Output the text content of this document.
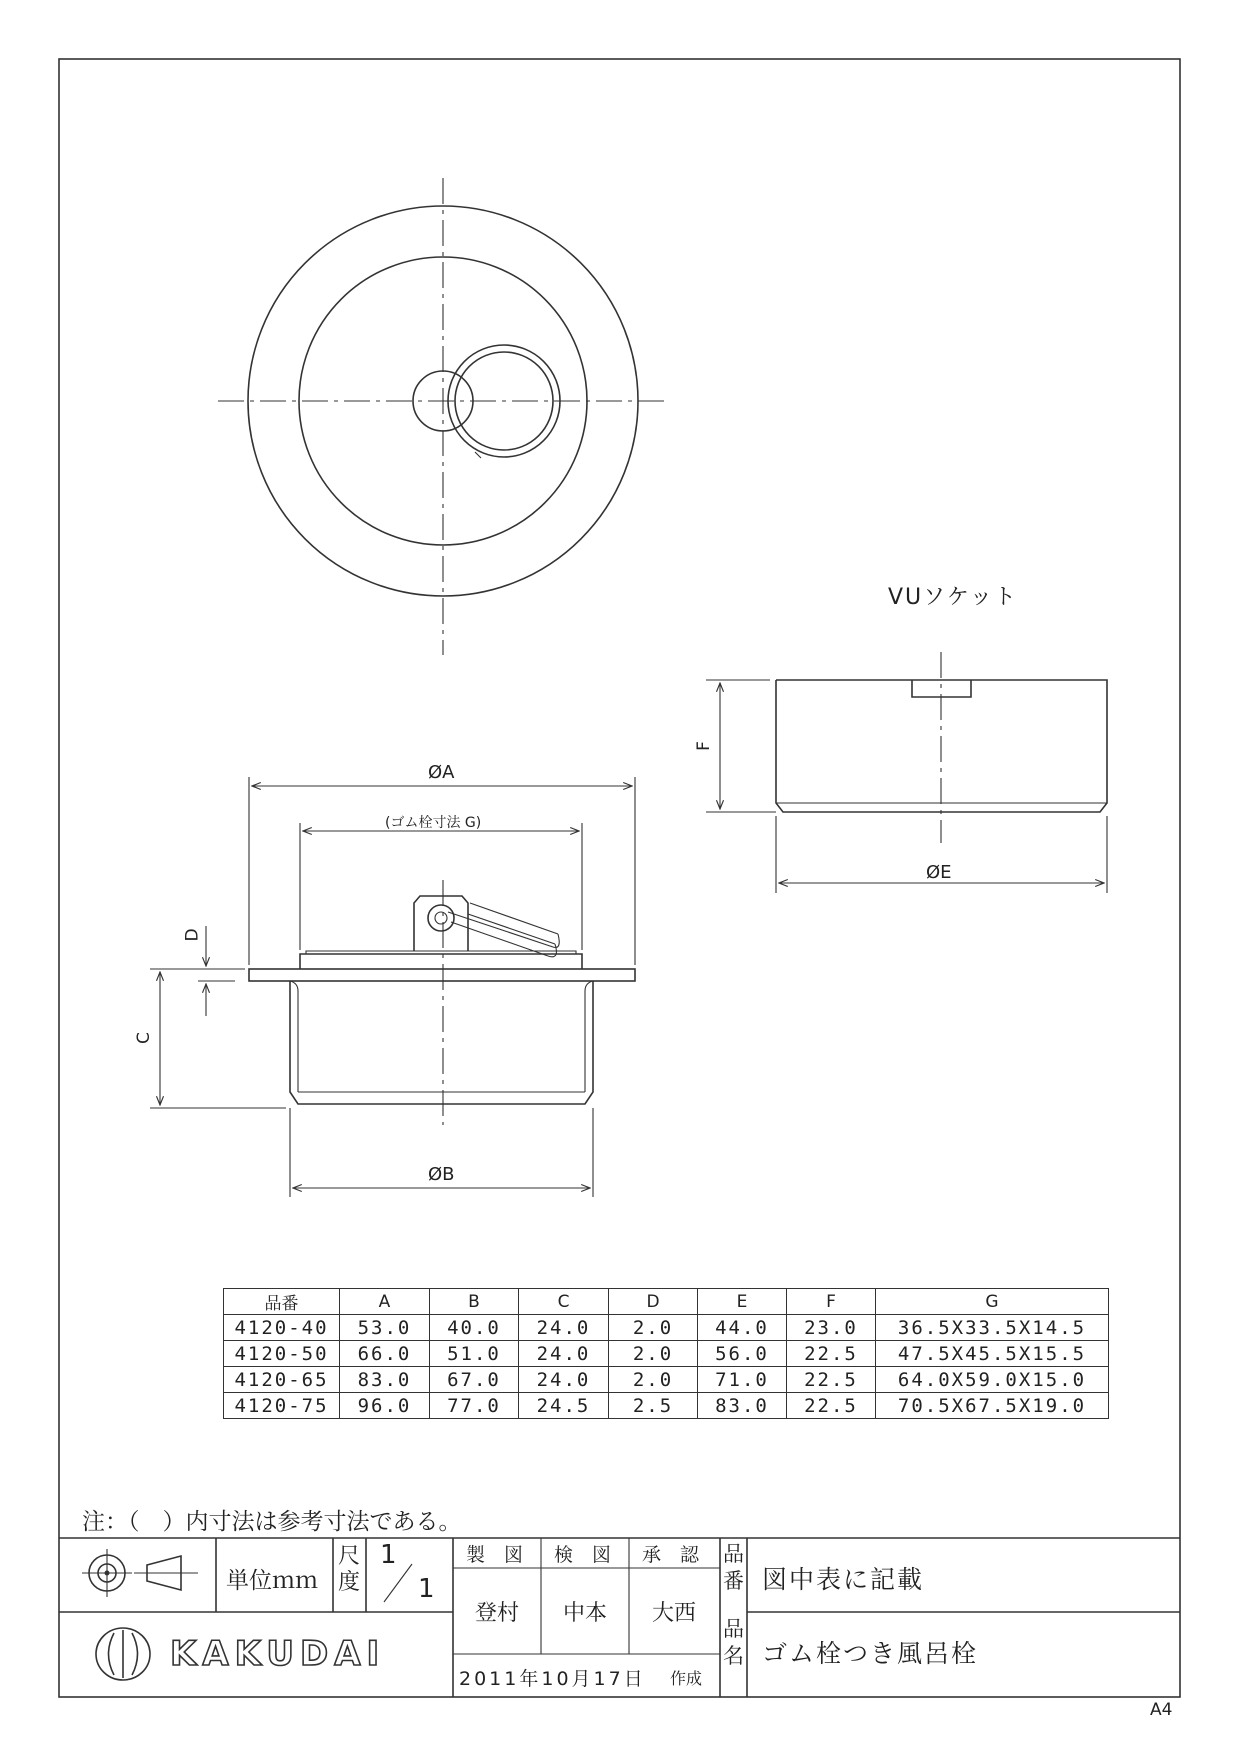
VUソケット
ØA
(ゴム栓寸法 G)
ØB
ØE
C
D
F
品番	A	B	C	D	E	F	G
4120-40	53.0	40.0	24.0	2.0	44.0	23.0	36.5X33.5X14.5
4120-50	66.0	51.0	24.0	2.0	56.0	22.5	47.5X45.5X15.5
4120-65	83.0	67.0	24.0	2.0	71.0	22.5	64.0X59.0X15.0
4120-75	96.0	77.0	24.5	2.5	83.0	22.5	70.5X67.5X19.0
注：（　）内寸法は参考寸法である。
単位ｍｍ
尺度
1
1
製　図 検　図 承　認
登村 中本 大西
品番 図中表に記載
品名 ゴム栓つき風呂栓
2011年10月17日 作成
KAKUDAI
A4
